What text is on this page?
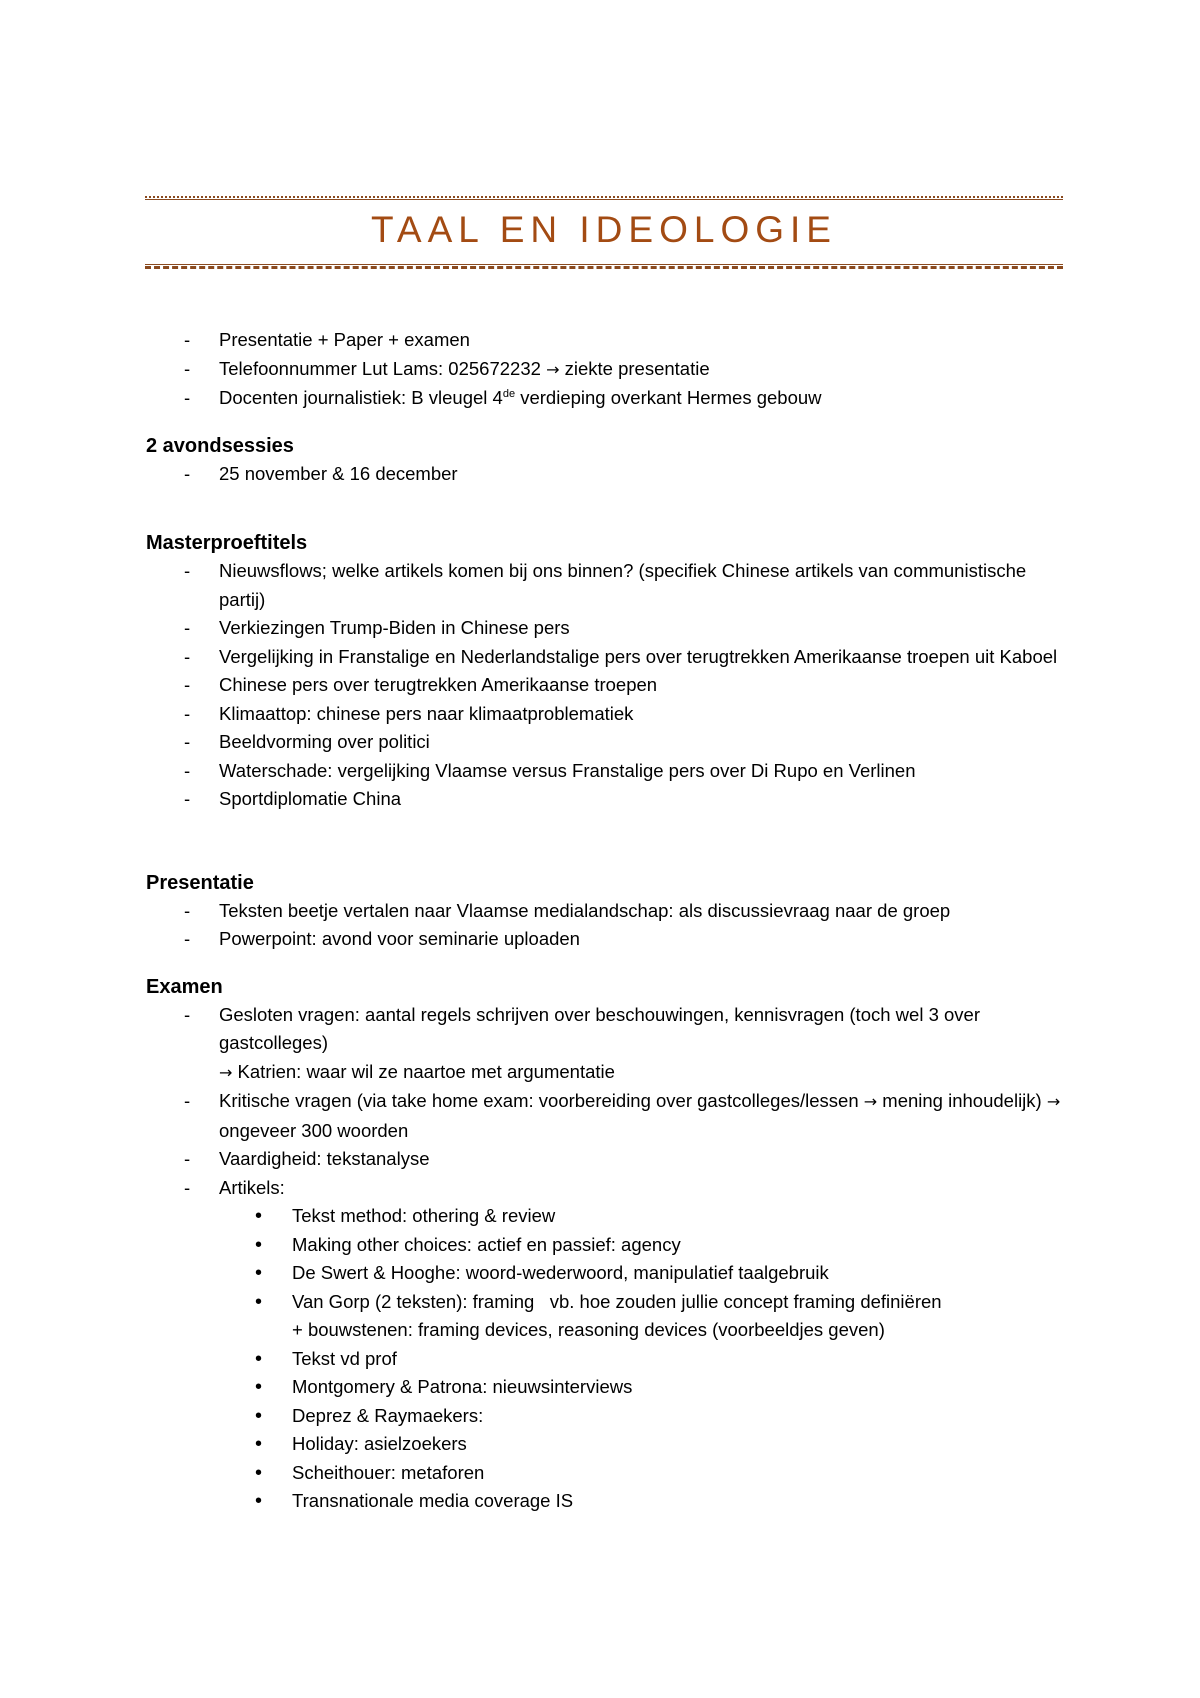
TAAL EN IDEOLOGIE
- Presentatie + Paper + examen
- Telefoonnummer Lut Lams: 025672232 → ziekte presentatie
- Docenten journalistiek: B vleugel 4de verdieping overkant Hermes gebouw

2 avondsessies

- 25 november & 16 december

Masterproeftitels

- Nieuwsflows; welke artikels komen bij ons binnen? (specifiek Chinese artikels van communistische partij)
- Verkiezingen Trump-Biden in Chinese pers
- Vergelijking in Franstalige en Nederlandstalige pers over terugtrekken Amerikaanse troepen uit Kaboel
- Chinese pers over terugtrekken Amerikaanse troepen
- Klimaattop: chinese pers naar klimaatproblematiek
- Beeldvorming over politici
- Waterschade: vergelijking Vlaamse versus Franstalige pers over Di Rupo en Verlinen
- Sportdiplomatie China

Presentatie

- Teksten beetje vertalen naar Vlaamse medialandschap: als discussievraag naar de groep
- Powerpoint: avond voor seminarie uploaden

Examen

- Gesloten vragen: aantal regels schrijven over beschouwingen, kennisvragen (toch wel 3 over gastcolleges)
→ Katrien: waar wil ze naartoe met argumentatie
- Kritische vragen (via take home exam: voorbereiding over gastcolleges/lessen → mening inhoudelijk) → ongeveer 300 woorden
- Vaardigheid: tekstanalyse
- Artikels:
• Tekst method: othering & review
• Making other choices: actief en passief: agency
• De Swert & Hooghe: woord-wederwoord, manipulatief taalgebruik
• Van Gorp (2 teksten): framing   vb. hoe zouden jullie concept framing definiëren
+ bouwstenen: framing devices, reasoning devices (voorbeeldjes geven)
• Tekst vd prof
• Montgomery & Patrona: nieuwsinterviews
• Deprez & Raymaekers:
• Holiday: asielzoekers
• Scheithouer: metaforen
• Transnationale media coverage IS
